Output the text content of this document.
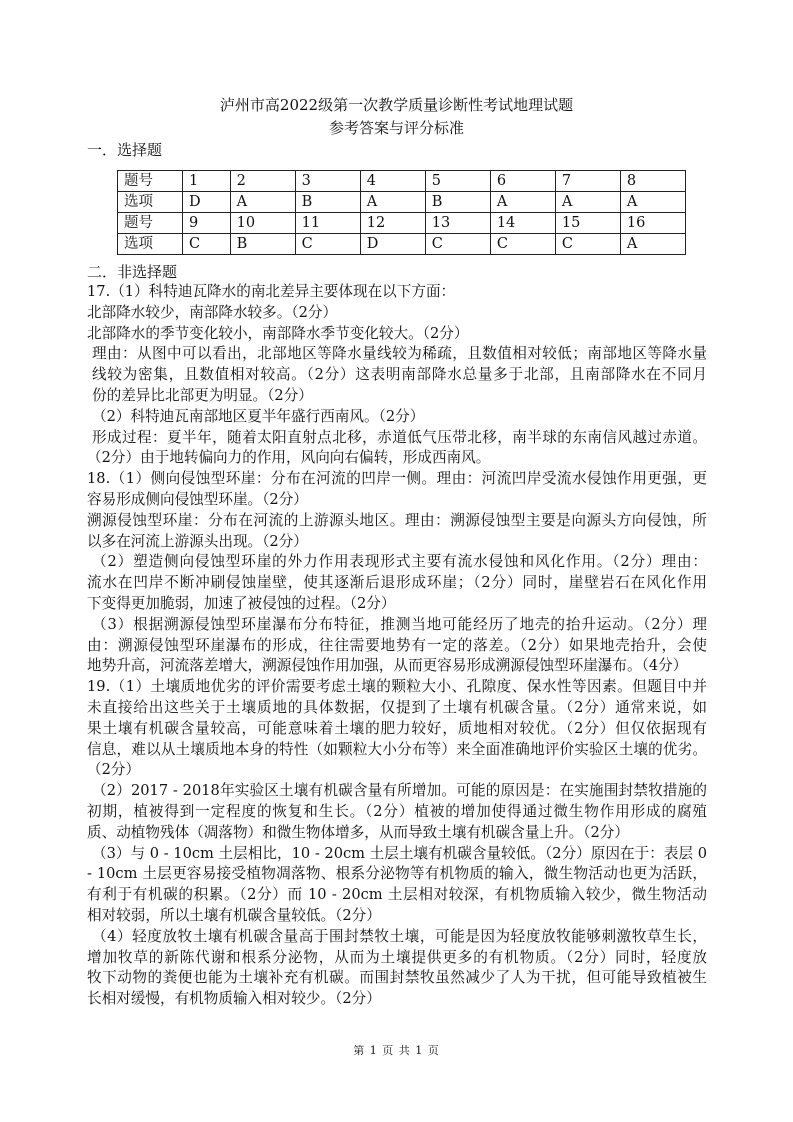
泸州市高2022级第一次教学质量诊断性考试地理试题
参考答案与评分标准
一．选择题
题号	1	2	3	4	5	6	7	8
选项	D	A	B	A	B	A	A	A
题号	9	10	11	12	13	14	15	16
选项	C	B	C	D	C	C	C	A
二．非选择题
17.（1）科特迪瓦降水的南北差异主要体现在以下方面：
北部降水较少，南部降水较多。（2分）
北部降水的季节变化较小，南部降水季节变化较大。（2分）
理由：从图中可以看出，北部地区等降水量线较为稀疏，且数值相对较低；南部地区等降水量
线较为密集，且数值相对较高。（2分）这表明南部降水总量多于北部，且南部降水在不同月
份的差异比北部更为明显。（2分）
（2）科特迪瓦南部地区夏半年盛行西南风。（2分）
形成过程：夏半年，随着太阳直射点北移，赤道低气压带北移，南半球的东南信风越过赤道。
（2分）由于地转偏向力的作用，风向向右偏转，形成西南风。
18.（1）侧向侵蚀型环崖：分布在河流的凹岸一侧。理由：河流凹岸受流水侵蚀作用更强，更
容易形成侧向侵蚀型环崖。（2分）
溯源侵蚀型环崖：分布在河流的上游源头地区。理由：溯源侵蚀型主要是向源头方向侵蚀，所
以多在河流上游源头出现。（2分）
（2）塑造侧向侵蚀型环崖的外力作用表现形式主要有流水侵蚀和风化作用。（2分）理由：
流水在凹岸不断冲刷侵蚀崖壁，使其逐渐后退形成环崖；（2分）同时，崖壁岩石在风化作用
下变得更加脆弱，加速了被侵蚀的过程。（2分）
（3）根据溯源侵蚀型环崖瀑布分布特征，推测当地可能经历了地壳的抬升运动。（2分）理
由：溯源侵蚀型环崖瀑布的形成，往往需要地势有一定的落差。（2分）如果地壳抬升，会使
地势升高，河流落差增大，溯源侵蚀作用加强，从而更容易形成溯源侵蚀型环崖瀑布。（4分）
19.（1）土壤质地优劣的评价需要考虑土壤的颗粒大小、孔隙度、保水性等因素。但题目中并
未直接给出这些关于土壤质地的具体数据，仅提到了土壤有机碳含量。（2分）通常来说，如
果土壤有机碳含量较高，可能意味着土壤的肥力较好，质地相对较优。（2分）但仅依据现有
信息，难以从土壤质地本身的特性（如颗粒大小分布等）来全面准确地评价实验区土壤的优劣。
（2分）
（2）2017 - 2018年实验区土壤有机碳含量有所增加。可能的原因是：在实施围封禁牧措施的
初期，植被得到一定程度的恢复和生长。（2分）植被的增加使得通过微生物作用形成的腐殖
质、动植物残体（凋落物）和微生物体增多，从而导致土壤有机碳含量上升。（2分）
（3）与 0 - 10cm 土层相比，10 - 20cm 土层土壤有机碳含量较低。（2分）原因在于：表层 0
- 10cm 土层更容易接受植物凋落物、根系分泌物等有机物质的输入，微生物活动也更为活跃，
有利于有机碳的积累。（2分）而 10 - 20cm 土层相对较深，有机物质输入较少，微生物活动
相对较弱，所以土壤有机碳含量较低。（2分）
（4）轻度放牧土壤有机碳含量高于围封禁牧土壤，可能是因为轻度放牧能够刺激牧草生长，
增加牧草的新陈代谢和根系分泌物，从而为土壤提供更多的有机物质。（2分）同时，轻度放
牧下动物的粪便也能为土壤补充有机碳。而围封禁牧虽然减少了人为干扰，但可能导致植被生
长相对缓慢，有机物质输入相对较少。（2分）
第 1 页 共 1 页
